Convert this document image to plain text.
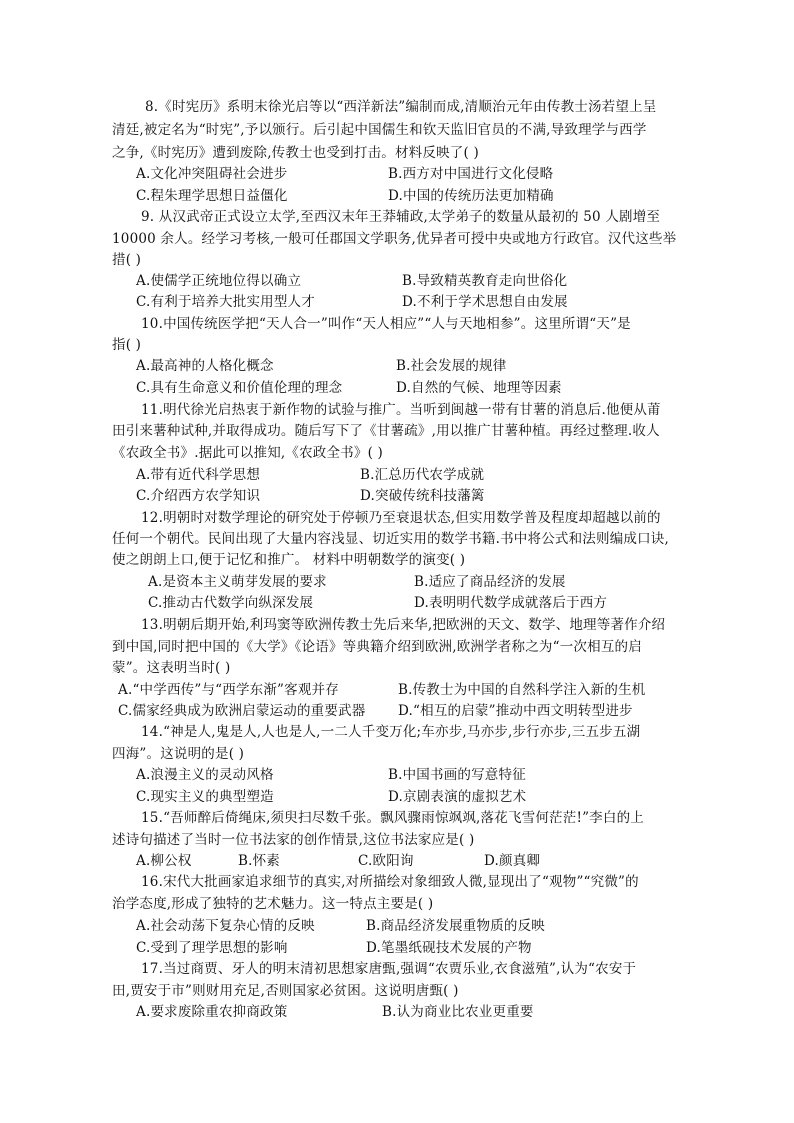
8.《时宪历》系明末徐光启等以“西洋新法”编制而成,清顺治元年由传教士汤若望上呈
清廷,被定名为“时宪”,予以颁行。后引起中国儒生和钦天监旧官员的不满,导致理学与西学
之争,《时宪历》遭到废除,传教士也受到打击。材料反映了( )
A.文化冲突阻碍社会进步	B.西方对中国进行文化侵略
C.程朱理学思想日益僵化	D.中国的传统历法更加精确
9. 从汉武帝正式设立太学,至西汉末年王莽辅政,太学弟子的数量从最初的 50 人剧增至
10000 余人。经学习考核,一般可任郡国文学职务,优异者可授中央或地方行政官。汉代这些举
措( )
A.使儒学正统地位得以确立	B.导致精英教育走向世俗化
C.有利于培养大批实用型人才	D.不利于学术思想自由发展
10.中国传统医学把“天人合一”叫作“天人相应”“人与天地相参”。这里所谓“天”是
指( )
A.最高神的人格化概念	B.社会发展的规律
C.具有生命意义和价值伦理的理念	D.自然的气候、地理等因素
11.明代徐光启热衷于新作物的试验与推广。当听到闽越一带有甘薯的消息后.他便从莆
田引来薯种试种,并取得成功。随后写下了《甘薯疏》,用以推广甘薯种植。再经过整理.收人
《农政全书》.据此可以推知,《农政全书》( )
A.带有近代科学思想	B.汇总历代农学成就
C.介绍西方农学知识	D.突破传统科技藩篱
12.明朝时对数学理论的研究处于停顿乃至衰退状态,但实用数学普及程度却超越以前的
任何一个朝代。民间出现了大量内容浅显、切近实用的数学书籍.书中将公式和法则编成口诀,
使之朗朗上口,便于记忆和推广。 材料中明朝数学的演变( )
A.是资本主义萌芽发展的要求	B.适应了商品经济的发展
C.推动古代数学向纵深发展	D.表明明代数学成就落后于西方
13.明朝后期开始,利玛窦等欧洲传教士先后来华,把欧洲的天文、数学、地理等著作介绍
到中国,同时把中国的《大学》《论语》等典籍介绍到欧洲,欧洲学者称之为“一次相互的启
蒙”。这表明当时( )
A.“中学西传”与“西学东渐”客观并存	B.传教士为中国的自然科学注入新的生机
C.儒家经典成为欧洲启蒙运动的重要武器 D.“相互的启蒙”推动中西文明转型进步
14.“神是人,鬼是人,人也是人,一二人千变万化;车亦步,马亦步,步行亦步,三五步五湖
四海”。这说明的是( )
A.浪漫主义的灵动风格	B.中国书画的写意特征
C.现实主义的典型塑造	D.京剧表演的虚拟艺术
15.“吾师醉后倚绳床,须臾扫尽数千张。飘风骤雨惊飒飒,落花飞雪何茫茫!”李白的上
述诗句描述了当时一位书法家的创作情景,这位书法家应是( )
A.柳公权	B.怀素	C.欧阳询	D.颜真卿
16.宋代大批画家追求细节的真实,对所描绘对象细致人微,显现出了“观物”“究微”的
治学态度,形成了独特的艺术魅力。这一特点主要是( )
A.社会动荡下复杂心情的反映	B.商品经济发展重物质的反映
C.受到了理学思想的影响	D.笔墨纸砚技术发展的产物
17.当过商贾、牙人的明末清初思想家唐甄,强调“农贾乐业,衣食滋殖”,认为“农安于
田,贾安于市”则财用充足,否则国家必贫困。这说明唐甄( )
A.要求废除重农抑商政策	B.认为商业比农业更重要
